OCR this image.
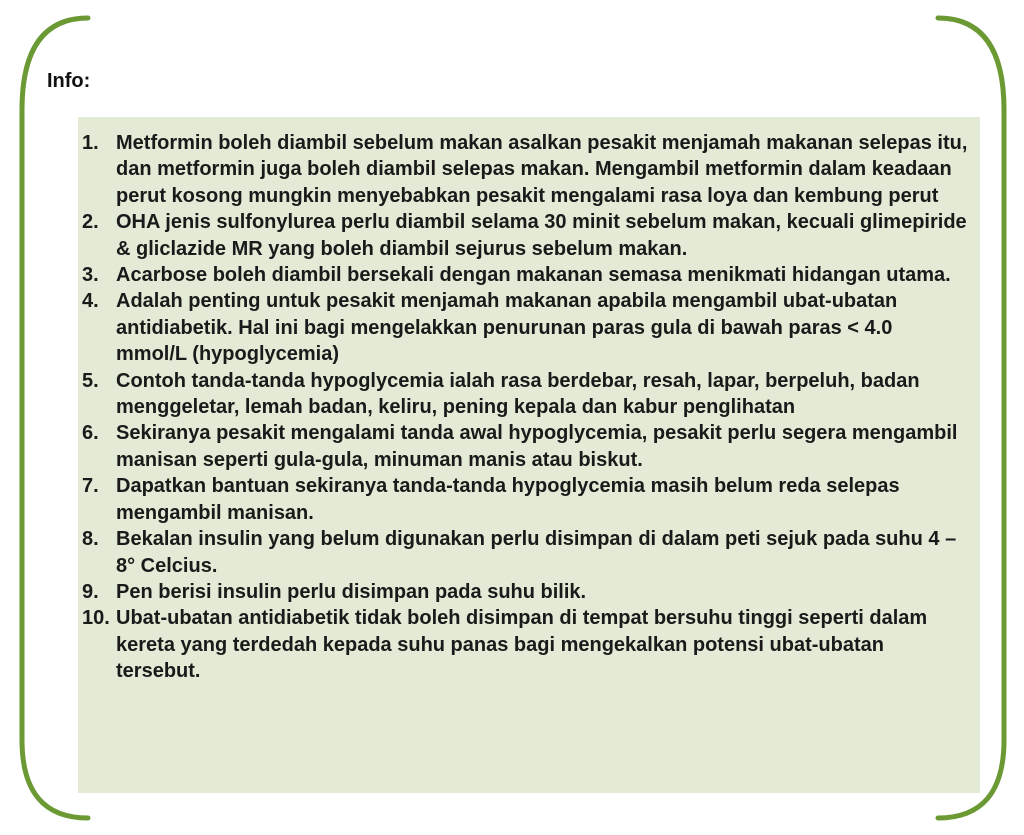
Info:
1. Metformin boleh diambil sebelum makan asalkan pesakit menjamah makanan selepas itu, dan metformin juga boleh diambil selepas makan. Mengambil metformin dalam keadaan perut kosong mungkin menyebabkan pesakit mengalami rasa loya dan kembung perut
2. OHA jenis sulfonylurea perlu diambil selama 30 minit sebelum makan, kecuali glimepiride & gliclazide MR yang boleh diambil sejurus sebelum makan.
3. Acarbose boleh diambil bersekali dengan makanan semasa menikmati hidangan utama.
4. Adalah penting untuk pesakit menjamah makanan apabila mengambil ubat-ubatan antidiabetik. Hal ini bagi mengelakkan penurunan paras gula di bawah paras < 4.0 mmol/L (hypoglycemia)
5. Contoh tanda-tanda hypoglycemia ialah rasa berdebar, resah, lapar, berpeluh, badan menggeletar, lemah badan, keliru, pening kepala dan kabur penglihatan
6. Sekiranya pesakit mengalami tanda awal hypoglycemia, pesakit perlu segera mengambil manisan seperti gula-gula, minuman manis atau biskut.
7. Dapatkan bantuan sekiranya tanda-tanda hypoglycemia masih belum reda selepas mengambil manisan.
8. Bekalan insulin yang belum digunakan perlu disimpan di dalam peti sejuk pada suhu 4 – 8° Celcius.
9. Pen berisi insulin perlu disimpan pada suhu bilik.
10. Ubat-ubatan antidiabetik tidak boleh disimpan di tempat bersuhu tinggi seperti dalam kereta yang terdedah kepada suhu panas bagi mengekalkan potensi ubat-ubatan tersebut.
